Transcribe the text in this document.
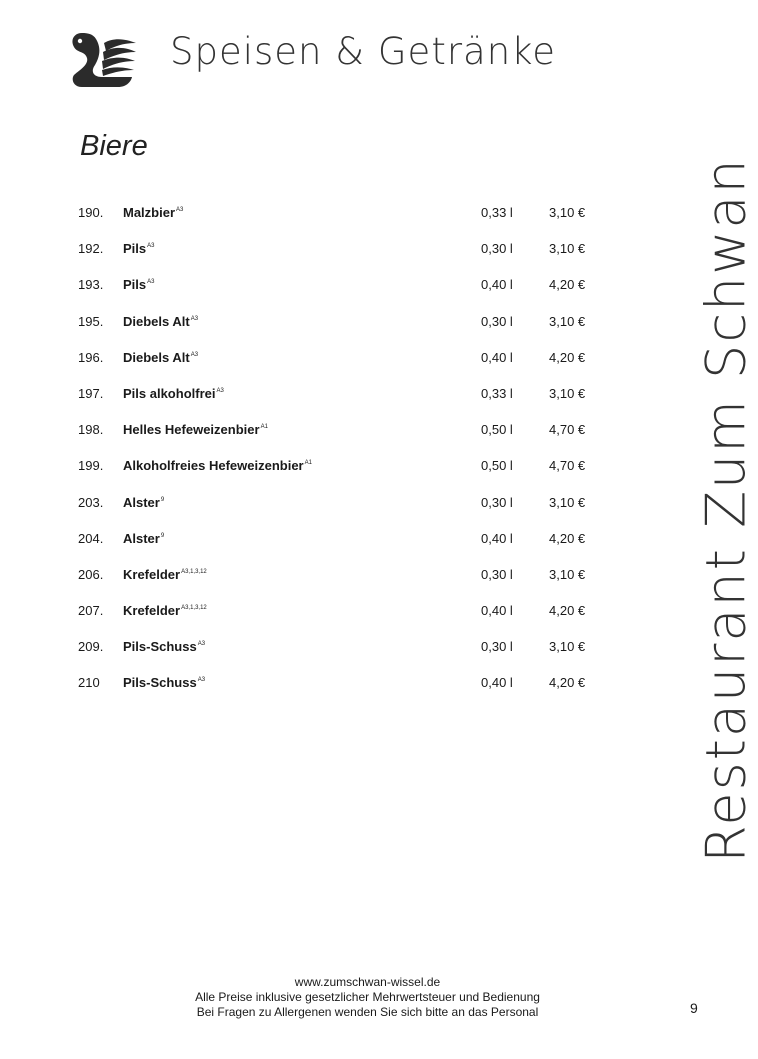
Speisen & Getränke
Biere
190. Malzbier$^{A3}$	0,33 l	3,10 €
192. Pils$^{A3}$	0,30 l	3,10 €
193. Pils$^{A3}$	0,40 l	4,20 €
195. Diebels Alt$^{A3}$	0,30 l	3,10 €
196. Diebels Alt$^{A3}$	0,40 l	4,20 €
197. Pils alkoholfrei$^{A3}$	0,33 l	3,10 €
198. Helles Hefeweizenbier$^{A1}$	0,50 l	4,70 €
199. Alkoholfreies Hefeweizenbier$^{A1}$	0,50 l	4,70 €
203. Alster$^9$	0,30 l	3,10 €
204. Alster$^9$	0,40 l	4,20 €
206. Krefelder$^{A3,1,3,12}$	0,30 l	3,10 €
207. Krefelder$^{A3,1,3,12}$	0,40 l	4,20 €
209. Pils-Schuss$^{A3}$	0,30 l	3,10 €
210 Pils-Schuss$^{A3}$	0,40 l	4,20 € Restaurant Zum Schwan
www.zumschwan-wissel.de
Alle Preise inklusive gesetzlicher Mehrwertsteuer und Bedienung
Bei Fragen zu Allergenen wenden Sie sich bitte an das Personal	9
